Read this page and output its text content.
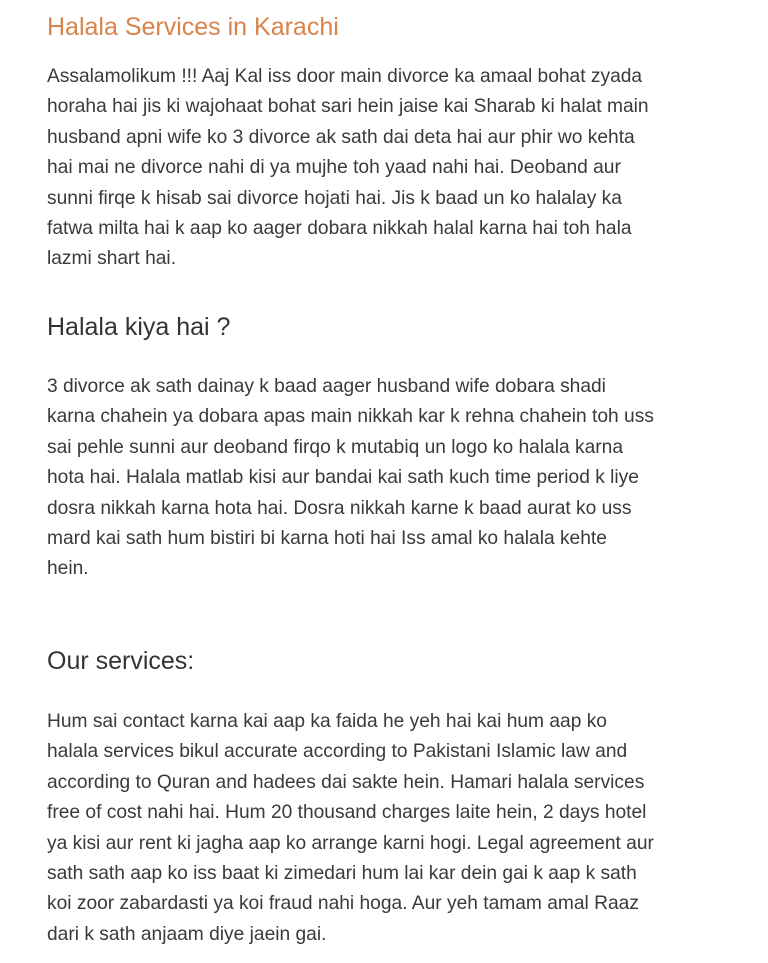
Halala Services in Karachi

Assalamolikum !!! Aaj Kal iss door main divorce ka amaal bohat zyada
horaha hai jis ki wajohaat bohat sari hein jaise kai Sharab ki halat main
husband apni wife ko 3 divorce ak sath dai deta hai aur phir wo kehta
hai mai ne divorce nahi di ya mujhe toh yaad nahi hai. Deoband aur
sunni firqe k hisab sai divorce hojati hai. Jis k baad un ko halalay ka
fatwa milta hai k aap ko aager dobara nikkah halal karna hai toh hala
lazmi shart hai.

Halala kiya hai ?

3 divorce ak sath dainay k baad aager husband wife dobara shadi
karna chahein ya dobara apas main nikkah kar k rehna chahein toh uss
sai pehle sunni aur deoband firqo k mutabiq un logo ko halala karna
hota hai. Halala matlab kisi aur bandai kai sath kuch time period k liye
dosra nikkah karna hota hai. Dosra nikkah karne k baad aurat ko uss
mard kai sath hum bistiri bi karna hoti hai Iss amal ko halala kehte
hein.

Our services:

Hum sai contact karna kai aap ka faida he yeh hai kai hum aap ko
halala services bikul accurate according to Pakistani Islamic law and
according to Quran and hadees dai sakte hein. Hamari halala services
free of cost nahi hai. Hum 20 thousand charges laite hein, 2 days hotel
ya kisi aur rent ki jagha aap ko arrange karni hogi. Legal agreement aur
sath sath aap ko iss baat ki zimedari hum lai kar dein gai k aap k sath
koi zoor zabardasti ya koi fraud nahi hoga. Aur yeh tamam amal Raaz
dari k sath anjaam diye jaein gai.
